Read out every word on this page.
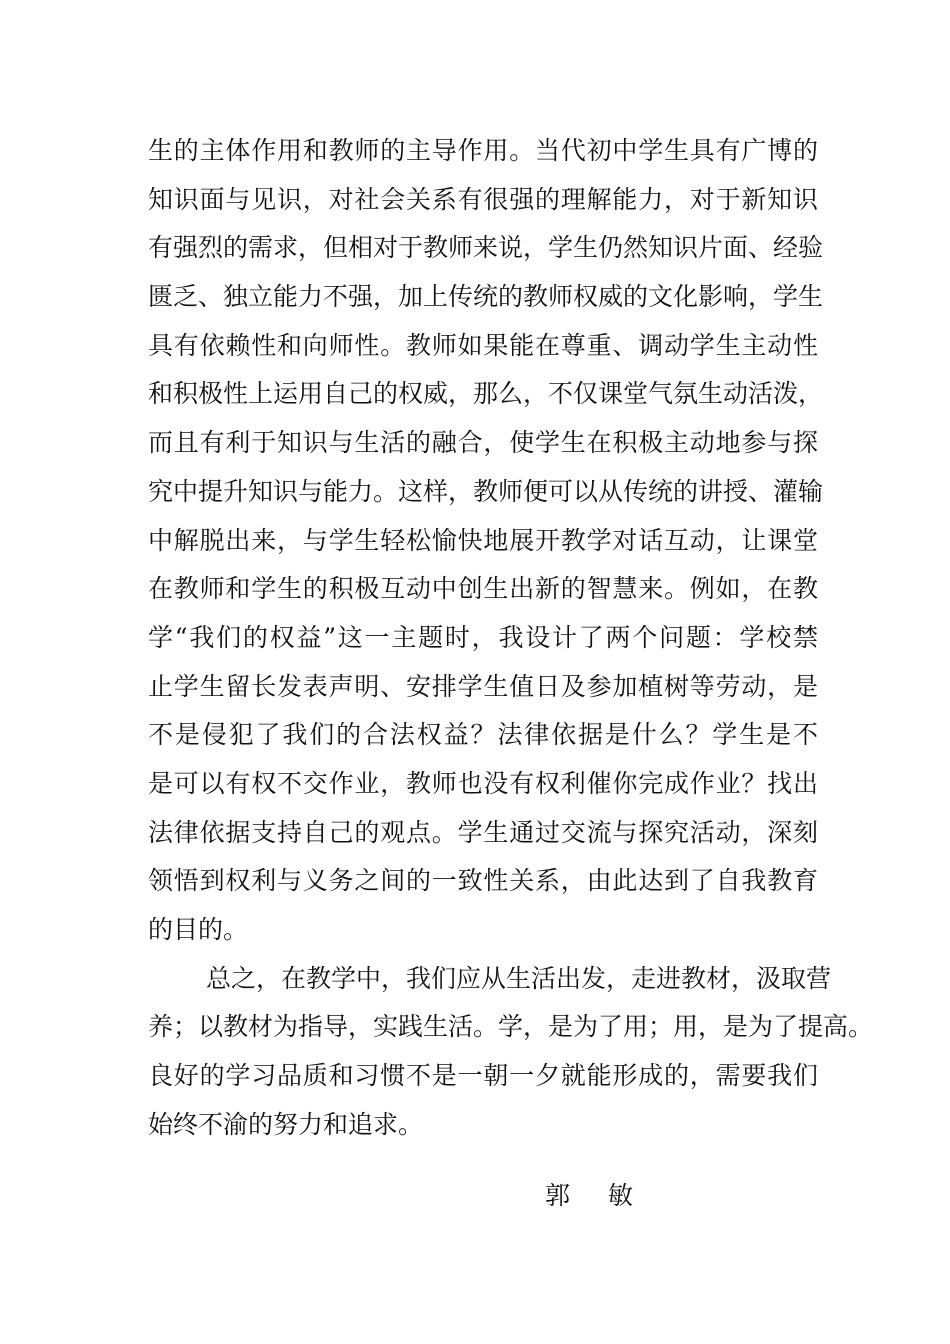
生的主体作用和教师的主导作用。当代初中学生具有广博的
知识面与见识，对社会关系有很强的理解能力，对于新知识
有强烈的需求，但相对于教师来说，学生仍然知识片面、经验
匮乏、独立能力不强，加上传统的教师权威的文化影响，学生
具有依赖性和向师性。教师如果能在尊重、调动学生主动性
和积极性上运用自己的权威，那么，不仅课堂气氛生动活泼，
而且有利于知识与生活的融合，使学生在积极主动地参与探
究中提升知识与能力。这样，教师便可以从传统的讲授、灌输
中解脱出来，与学生轻松愉快地展开教学对话互动，让课堂
在教师和学生的积极互动中创生出新的智慧来。例如，在教
学“我们的权益”这一主题时，我设计了两个问题：学校禁
止学生留长发表声明、安排学生值日及参加植树等劳动，是
不是侵犯了我们的合法权益？法律依据是什么？学生是不
是可以有权不交作业，教师也没有权利催你完成作业？找出
法律依据支持自己的观点。学生通过交流与探究活动，深刻
领悟到权利与义务之间的一致性关系，由此达到了自我教育
的目的。
总之，在教学中，我们应从生活出发，走进教材，汲取营
养；以教材为指导，实践生活。学，是为了用；用，是为了提高。
良好的学习品质和习惯不是一朝一夕就能形成的，需要我们
始终不渝的努力和追求。
郭敏
